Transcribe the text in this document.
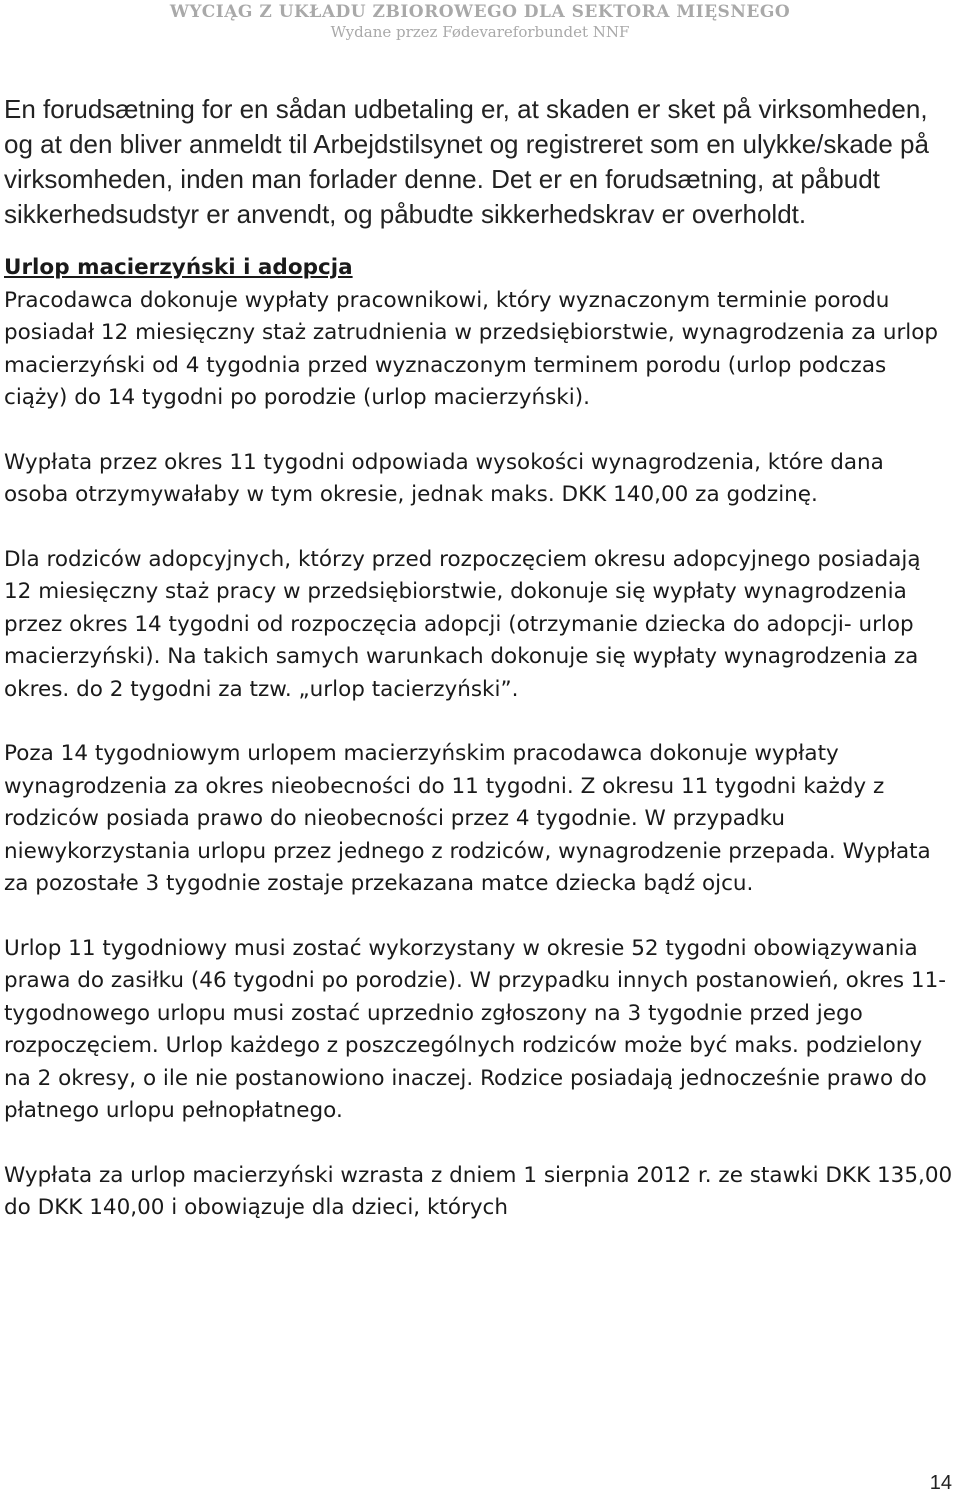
WYCIĄG Z UKŁADU ZBIOROWEGO DLA SEKTORA MIĘSNEGO
Wydane przez Fødevareforbundet NNF

En forudsætning for en sådan udbetaling er, at skaden er sket på virksomheden, og at den bliver anmeldt til Arbejdstilsynet og registreret som en ulykke/skade på virksomheden, inden man forlader denne. Det er en forudsætning, at påbudt sikkerhedsudstyr er anvendt, og påbudte sikkerhedskrav er overholdt.

Urlop macierzyński i adopcja
Pracodawca dokonuje wypłaty pracownikowi, który wyznaczonym terminie porodu posiadał 12 miesięczny staż zatrudnienia w przedsiębiorstwie, wynagrodzenia za urlop macierzyński od 4 tygodnia przed wyznaczonym terminem porodu (urlop podczas ciąży) do 14 tygodni po porodzie (urlop macierzyński).

Wypłata przez okres 11 tygodni odpowiada wysokości wynagrodzenia, które dana osoba otrzymywałaby w tym okresie, jednak maks. DKK 140,00 za godzinę.

Dla rodziców adopcyjnych, którzy przed rozpoczęciem okresu adopcyjnego posiadają 12 miesięczny staż pracy w przedsiębiorstwie, dokonuje się wypłaty wynagrodzenia przez okres 14 tygodni od rozpoczęcia adopcji (otrzymanie dziecka do adopcji- urlop macierzyński). Na takich samych warunkach dokonuje się wypłaty wynagrodzenia za okres. do 2 tygodni za tzw. „urlop tacierzyński”.

Poza 14 tygodniowym urlopem macierzyńskim pracodawca dokonuje wypłaty wynagrodzenia za okres nieobecności do 11 tygodni. Z okresu 11 tygodni każdy z rodziców posiada prawo do nieobecności przez 4 tygodnie. W przypadku niewykorzystania urlopu przez jednego z rodziców, wynagrodzenie przepada. Wypłata za pozostałe 3 tygodnie zostaje przekazana matce dziecka bądź ojcu.

Urlop 11 tygodniowy musi zostać wykorzystany w okresie 52 tygodni obowiązywania prawa do zasiłku (46 tygodni po porodzie). W przypadku innych postanowień, okres 11-tygodnowego urlopu musi zostać uprzednio zgłoszony na 3 tygodnie przed jego rozpoczęciem. Urlop każdego z poszczególnych rodziców może być maks. podzielony na 2 okresy, o ile nie postanowiono inaczej. Rodzice posiadają jednocześnie prawo do płatnego urlopu pełnopłatnego.

Wypłata za urlop macierzyński wzrasta z dniem 1 sierpnia 2012 r. ze stawki DKK 135,00 do DKK 140,00 i obowiązuje dla dzieci, których

14
